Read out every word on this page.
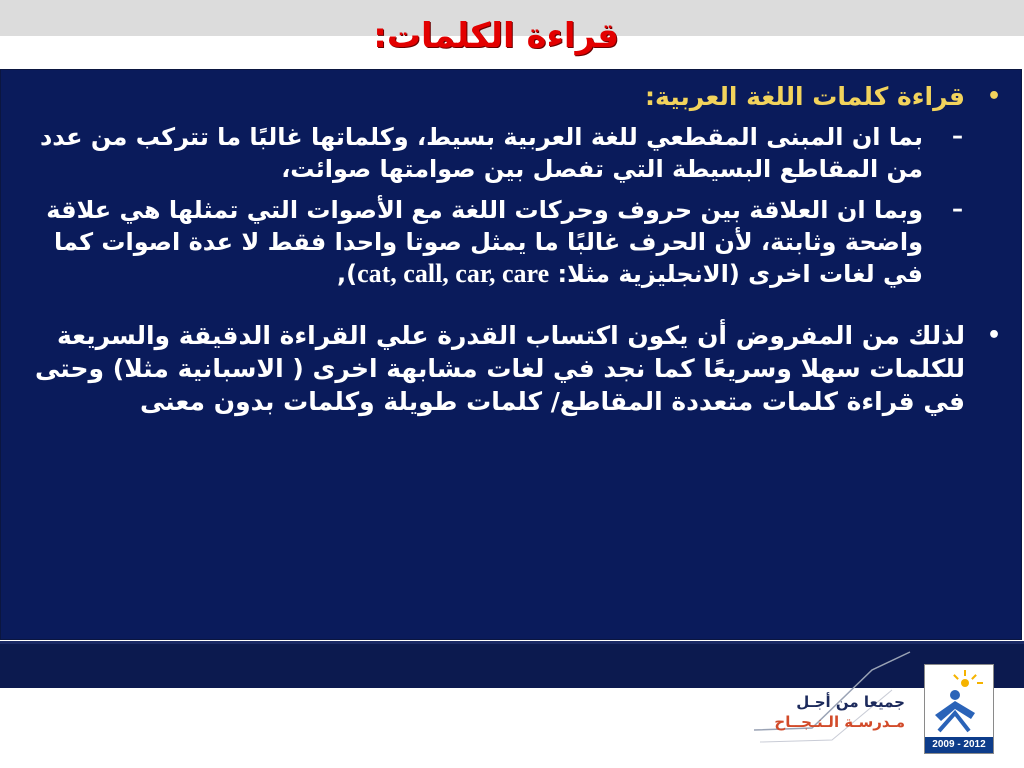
قراءة الكلمات:
•
قراءة كلمات اللغة العربية:
–
بما ان المبنى المقطعي للغة العربية بسيط، وكلماتها غالبًا ما تتركب من عدد من المقاطع البسيطة التي تفصل بين صوامتها صوائت،
–
وبما ان العلاقة بين حروف وحركات اللغة مع الأصوات التي تمثلها هي علاقة واضحة وثابتة، لأن الحرف غالبًا ما يمثل صوتا واحدا فقط لا عدة اصوات كما في لغات اخرى (الانجليزية مثلا: cat, call, car, care),
•
لذلك من المفروض أن يكون اكتساب القدرة علي القراءة الدقيقة والسريعة للكلمات سهلا وسريعًا كما نجد في لغات مشابهة اخرى ( الاسبانية مثلا) وحتى في قراءة كلمات متعددة المقاطع/ كلمات طويلة وكلمات بدون معنى
جميعا من أجـل
مـدرسـة الـنـجــاح
2009 - 2012
